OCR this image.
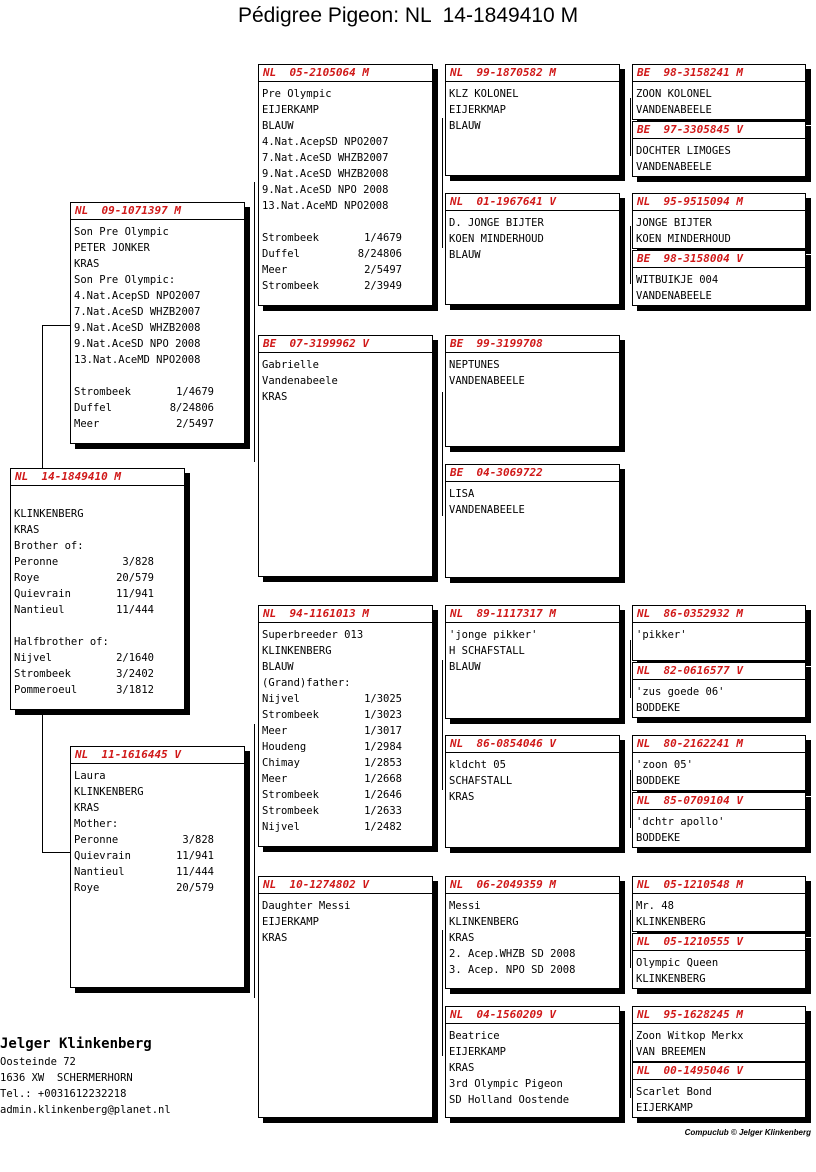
Pédigree Pigeon: NL  14-1849410 M
NL  14-1849410 M
KLINKENBERG
KRAS
Brother of:
Peronne	3/828
Roye	20/579
Quievrain	11/941
Nantieul	11/444
Halfbrother of:
Nijvel	2/1640
Strombeek	3/2402
Pommeroeul	3/1812
NL  09-1071397 M
Son Pre Olympic
PETER JONKER
KRAS
Son Pre Olympic:
4.Nat.AcepSD NPO2007
7.Nat.AceSD WHZB2007
9.Nat.AceSD WHZB2008
9.Nat.AceSD NPO 2008
13.Nat.AceMD NPO2008
Strombeek	1/4679
Duffel	8/24806
Meer	2/5497
NL  11-1616445 V
Laura
KLINKENBERG
KRAS
Mother:
Peronne	3/828
Quievrain	11/941
Nantieul	11/444
Roye	20/579
NL  05-2105064 M
Pre Olympic
EIJERKAMP
BLAUW
4.Nat.AcepSD NPO2007
7.Nat.AceSD WHZB2007
9.Nat.AceSD WHZB2008
9.Nat.AceSD NPO 2008
13.Nat.AceMD NPO2008
Strombeek	1/4679
Duffel	8/24806
Meer	2/5497
Strombeek	2/3949
BE  07-3199962 V
Gabrielle
Vandenabeele
KRAS
NL  94-1161013 M
Superbreeder 013
KLINKENBERG
BLAUW
(Grand)father:
Nijvel	1/3025
Strombeek	1/3023
Meer	1/3017
Houdeng	1/2984
Chimay	1/2853
Meer	1/2668
Strombeek	1/2646
Strombeek	1/2633
Nijvel	1/2482
NL  10-1274802 V
Daughter Messi
EIJERKAMP
KRAS
NL  99-1870582 M
KLZ KOLONEL
EIJERKMAP
BLAUW
NL  01-1967641 V
D. JONGE BIJTER
KOEN MINDERHOUD
BLAUW
BE  99-3199708
NEPTUNES
VANDENABEELE
BE  04-3069722
LISA
VANDENABEELE
NL  89-1117317 M
'jonge pikker'
H SCHAFSTALL
BLAUW
NL  86-0854046 V
kldcht 05
SCHAFSTALL
KRAS
NL  06-2049359 M
Messi
KLINKENBERG
KRAS
2. Acep.WHZB SD 2008
3. Acep. NPO SD 2008
NL  04-1560209 V
Beatrice
EIJERKAMP
KRAS
3rd Olympic Pigeon
SD Holland Oostende
BE  98-3158241 M
ZOON KOLONEL
VANDENABEELE
BE  97-3305845 V
DOCHTER LIMOGES
VANDENABEELE
NL  95-9515094 M
JONGE BIJTER
KOEN MINDERHOUD
BE  98-3158004 V
WITBUIKJE 004
VANDENABEELE
NL  86-0352932 M
'pikker'
NL  82-0616577 V
'zus goede 06'
BODDEKE
NL  80-2162241 M
'zoon 05'
BODDEKE
NL  85-0709104 V
'dchtr apollo'
BODDEKE
NL  05-1210548 M
Mr. 48
KLINKENBERG
NL  05-1210555 V
Olympic Queen
KLINKENBERG
NL  95-1628245 M
Zoon Witkop Merkx
VAN BREEMEN
NL  00-1495046 V
Scarlet Bond
EIJERKAMP
Jelger Klinkenberg
Oosteinde 72
1636 XW  SCHERMERHORN
Tel.: +0031612232218
admin.klinkenberg@planet.nl
Compuclub © Jelger Klinkenberg
